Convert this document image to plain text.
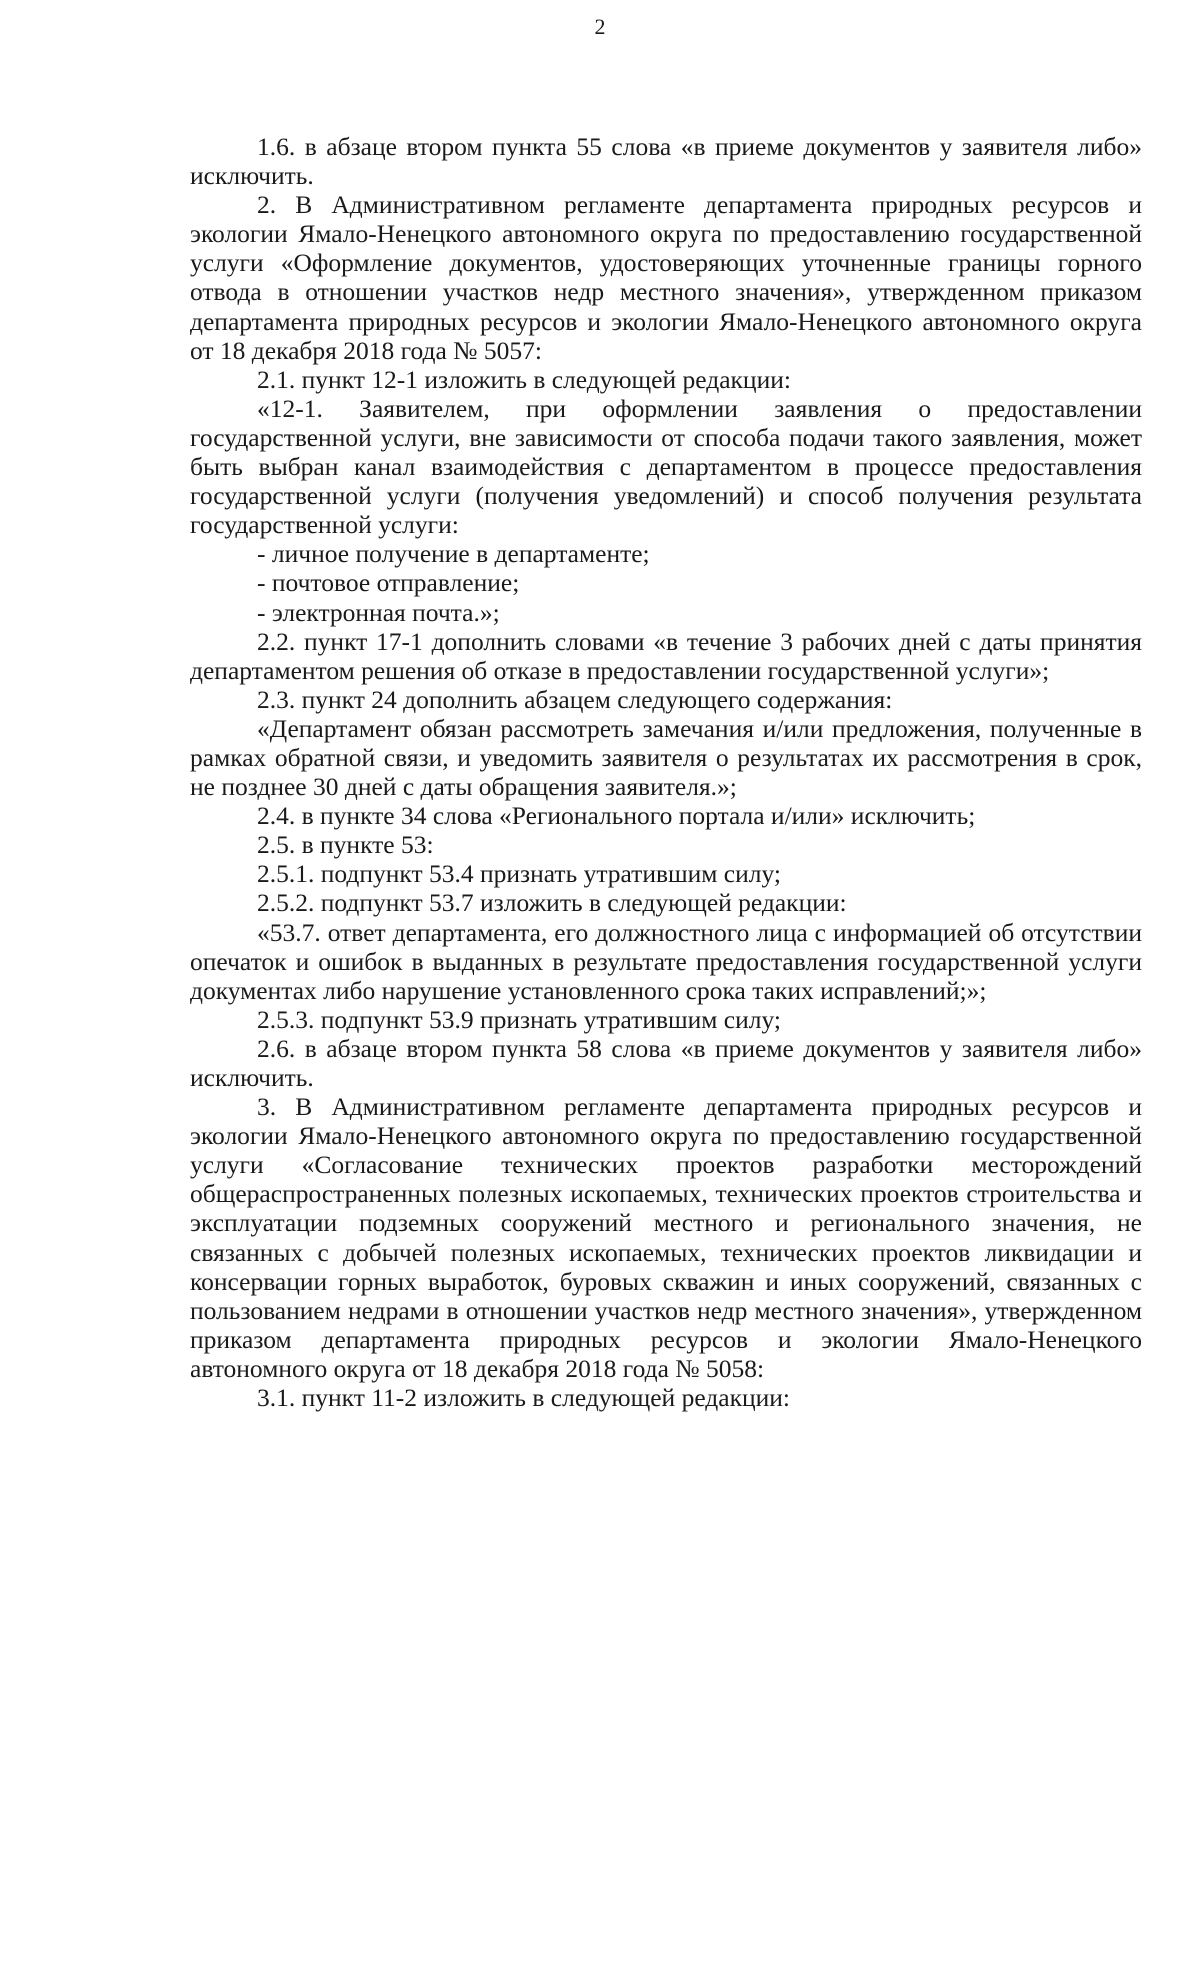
2

1.6. в абзаце втором пункта 55 слова «в приеме документов у заявителя либо» исключить.

2. В Административном регламенте департамента природных ресурсов и экологии Ямало-Ненецкого автономного округа по предоставлению государственной услуги «Оформление документов, удостоверяющих уточненные границы горного отвода в отношении участков недр местного значения», утвержденном приказом департамента природных ресурсов и экологии Ямало-Ненецкого автономного округа от 18 декабря 2018 года № 5057:

2.1. пункт 12-1 изложить в следующей редакции:

«12-1. Заявителем, при оформлении заявления о предоставлении государственной услуги, вне зависимости от способа подачи такого заявления, может быть выбран канал взаимодействия с департаментом в процессе предоставления государственной услуги (получения уведомлений) и способ получения результата государственной услуги:

- личное получение в департаменте;

- почтовое отправление;

- электронная почта.»;

2.2. пункт 17-1 дополнить словами «в течение 3 рабочих дней с даты принятия департаментом решения об отказе в предоставлении государственной услуги»;

2.3. пункт 24 дополнить абзацем следующего содержания:

«Департамент обязан рассмотреть замечания и/или предложения, полученные в рамках обратной связи, и уведомить заявителя о результатах их рассмотрения в срок, не позднее 30 дней с даты обращения заявителя.»;

2.4. в пункте 34 слова «Регионального портала и/или» исключить;

2.5. в пункте 53:

2.5.1. подпункт 53.4 признать утратившим силу;

2.5.2. подпункт 53.7 изложить в следующей редакции:

«53.7. ответ департамента, его должностного лица с информацией об отсутствии опечаток и ошибок в выданных в результате предоставления государственной услуги документах либо нарушение установленного срока таких исправлений;»;

2.5.3. подпункт 53.9 признать утратившим силу;

2.6. в абзаце втором пункта 58 слова «в приеме документов у заявителя либо» исключить.

3. В Административном регламенте департамента природных ресурсов и экологии Ямало-Ненецкого автономного округа по предоставлению государственной услуги «Согласование технических проектов разработки месторождений общераспространенных полезных ископаемых, технических проектов строительства и эксплуатации подземных сооружений местного и регионального значения, не связанных с добычей полезных ископаемых, технических проектов ликвидации и консервации горных выработок, буровых скважин и иных сооружений, связанных с пользованием недрами в отношении участков недр местного значения», утвержденном приказом департамента природных ресурсов и экологии Ямало-Ненецкого автономного округа от 18 декабря 2018 года № 5058:

3.1. пункт 11-2 изложить в следующей редакции:
